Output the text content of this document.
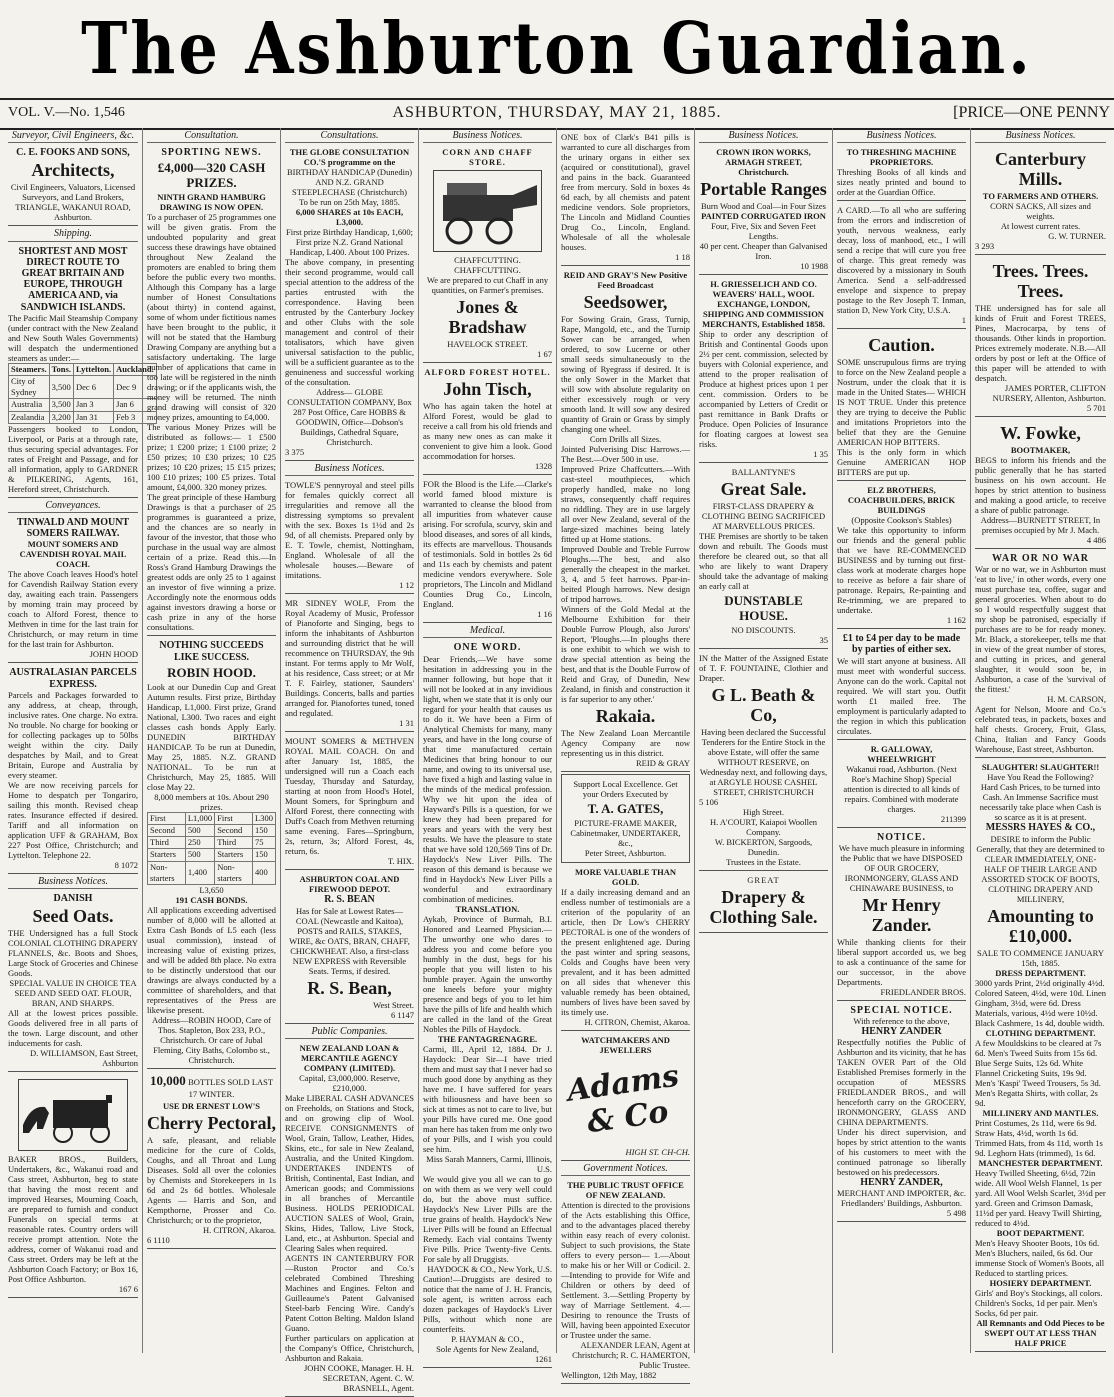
The Ashburton Guardian.
VOL. V.—No. 1,546	ASHBURTON, THURSDAY, MAY 21, 1885.	[PRICE—ONE PENNY
Surveyor, Civil Engineers, &c.
C. E. FOOKS AND SONS,
Architects,
Civil Engineers, Valuators, Licensed Surveyors, and Land Brokers, TRIANGLE, WAKANUI ROAD, Ashburton.
Shipping.
SHORTEST AND MOST DIRECT ROUTE TO GREAT BRITAIN AND EUROPE, THROUGH AMERICA AND, via SANDWICH ISLANDS.
The Pacific Mail Steamship Company (under contract with the New Zealand and New South Wales Governments) will despatch the undermentioned steamers as under:—
Steamers.	Tons.	Lyttelton.	Auckland.
City of Sydney	3,500	Dec 6	Dec 9
Australia	3,500	Jan 3	Jan 6
Zealandia	3,200	Jan 31	Feb 3
Passengers booked to London, Liverpool, or Paris at a through rate, thus securing special advantages. For rates of Freight and Passage, and for all information, apply to GARDNER & PILKERING, Agents, 161, Hereford street, Christchurch.
Conveyances.
TINWALD AND MOUNT SOMERS RAILWAY.
MOUNT SOMERS AND CAVENDISH ROYAL MAIL COACH.
The above Coach leaves Hood's hotel for Cavendish Railway Station every day, awaiting each train. Passengers by morning train may proceed by coach to Alford Forest, thence to Methven in time for the last train for Christchurch, or may return in time for the last train for Ashburton.
JOHN HOOD
AUSTRALASIAN PARCELS EXPRESS.
Parcels and Packages forwarded to any address, at cheap, through, inclusive rates. One charge. No extra. No trouble. No charge for booking or for collecting packages up to 50lbs weight within the city. Daily despatches by Mail, and to Great Britain, Europe and Australia by every steamer.
We are now receiving parcels for Home to despatch per Tongariro, sailing this month. Revised cheap rates. Insurance effected if desired. Tariff and all information on application UFF & GRAHAM, Box 227 Post Office, Christchurch; and Lyttelton. Telephone 22.
8 1072
Business Notices.
DANISH
Seed Oats.
THE Undersigned has a full Stock COLONIAL CLOTHING DRAPERY FLANNELS, &c. Boots and Shoes, Large Stock of Groceries and Chinese Goods.
SPECIAL VALUE IN CHOICE TEA SEED AND SEED OAT. FLOUR, BRAN, AND SHARPS.
All at the lowest prices possible. Goods delivered free in all parts of the town. Large discount, and other inducements for cash.
D. WILLIAMSON, East Street, Ashburton
BAKER BROS., Builders, Undertakers, &c., Wakanui road and Cass street, Ashburton, beg to state that having the most recent and improved Hearses, Mourning Coach, are prepared to furnish and conduct Funerals on special terms at reasonable rates. Country orders will receive prompt attention. Note the address, corner of Wakanui road and Cass street. Orders may be left at the Ashburton Coach Factory; or Box 16, Post Office Ashburton.
167 6
Consultation.
SPORTING NEWS.
£4,000—320 CASH PRIZES.
NINTH GRAND HAMBURG DRAWING IS NOW OPEN.
To a purchaser of 25 programmes one will be given gratis. From the undoubted popularity and great success these drawings have obtained throughout New Zealand the promoters are enabled to bring them before the public every two months. Although this Company has a large number of Honest Consultations (about thirty) in contend against, some of whom under fictitious names have been brought to the public, it will not be stated that the Hamburg Drawing Company are anything but a satisfactory undertaking. The large number of applications that came in too late will be registered in the ninth drawing; or if the applicants wish, the money will be returned. The ninth grand drawing will consist of 320 money prizes, amounting to £4,000.
The various Money Prizes will be distributed as follows:— 1 £500 prize; 1 £200 prize; 1 £100 prize; 2 £50 prizes; 10 £30 prizes; 10 £25 prizes; 10 £20 prizes; 15 £15 prizes; 100 £10 prizes; 100 £5 prizes. Total amount, £4,000. 320 money prizes.
The great principle of these Hamburg Drawings is that a purchaser of 25 programmes is guaranteed a prize, and the chances are so nearly in favour of the investor, that those who purchase in the usual way are almost certain of a prize. Read this.—In Ross's Grand Hamburg Drawings the greatest odds are only 25 to 1 against an investor of five winning a prize. Accordingly note the enormous odds against investors drawing a horse or cash prize in any of the horse consultations.
NOTHING SUCCEEDS LIKE SUCCESS.
ROBIN HOOD.
Look at our Dunedin Cup and Great Autumn results. First prize, Birthday Handicap, L1,000. First prize, Grand National, L300. Two races and eight classes cash bonds Apply Early. DUNEDIN BIRTHDAY HANDICAP. To be run at Dunedin, May 25, 1885. N.Z. GRAND NATIONAL. To be run at Christchurch, May 25, 1885. Will close May 22.
8,000 members at 10s. About 290 prizes.
First	L1,000	First	L300
Second	500	Second	150
Third	250	Third	75
Starters	500	Starters	150
Non-starters	1,400	Non-starters	400
L3,650
191 CASH BONDS.
All applications exceeding advertised number of 8,000 will be allotted at Extra Cash Bonds of L5 each (less usual commission), instead of increasing value of existing prizes, and will be added 8th place. No extra to be distinctly understood that our drawings are always conducted by a committee of shareholders, and that representatives of the Press are likewise present.
Address—ROBIN HOOD, Care of Thos. Stapleton, Box 233, P.O., Christchurch. Or care of Jubal Fleming, City Baths, Colombo st., Christchurch.
10,000 BOTTLES SOLD LAST 17 WINTER.
USE DR ERNEST LOW'S
Cherry Pectoral,
A safe, pleasant, and reliable medicine for the cure of Colds, Coughs, and all Throat and Lung Diseases. Sold all over the colonies by Chemists and Storekeepers in 1s 6d and 2s 6d bottles. Wholesale Agents — Harris and Son, and Kempthorne, Prosser and Co. Christchurch; or to the proprietor,
H. CITRON, Akaroa.
6 1110
Consultations.
THE GLOBE CONSULTATION CO.'S programme on the
BIRTHDAY HANDICAP (Dunedin) AND N.Z. GRAND STEEPLECHASE (Christchurch)
To be run on 25th May, 1885.
6,000 SHARES at 10s EACH, L3,000.
First prize Birthday Handicap, 1,600; First prize N.Z. Grand National Handicap, L400. About 100 Prizes.
The above company, in presenting their second programme, would call special attention to the address of the parties entrusted with the correspondence. Having been entrusted by the Canterbury Jockey and other Clubs with the sole management and control of their totalisators, which have given universal satisfaction to the public, will be a sufficient guarantee as to the genuineness and successful working of the consultation.
Address— GLOBE CONSULTATION COMPANY, Box 287 Post Office, Care HOBBS & GOODWIN, Office—Dobson's Buildings, Cathedral Square, Christchurch.
3 375
Business Notices.
TOWLE'S pennyroyal and steel pills for females quickly correct all irregularities and remove all the distressing symptoms so prevalent with the sex. Boxes 1s 1½d and 2s 9d, of all chemists. Prepared only by E. T. Towle, chemist, Nottingham, England. Wholesale of all the wholesale houses.—Beware of imitations.
1 12
MR SIDNEY WOLF, From the Royal Academy of Music, Professor of Pianoforte and Singing, begs to inform the inhabitants of Ashburton and surrounding district that he will recommence on THURSDAY, the 9th instant. For terms apply to Mr Wolf, at his residence, Cass street; or at Mr T. F. Fairley, stationer, Saunders' Buildings. Concerts, balls and parties arranged for. Pianofortes tuned, toned and regulated.
1 31
MOUNT SOMERS & METHVEN ROYAL MAIL COACH. On and after January 1st, 1885, the undersigned will run a Coach each Tuesday, Thursday and Saturday, starting at noon from Hood's Hotel, Mount Somers, for Springburn and Alford Forest, there connecting with Duff's Coach from Methven returning same evening. Fares—Springburn, 2s, return, 3s; Alford Forest, 4s, return, 6s.
T. HIX.
ASHBURTON COAL AND FIREWOOD DEPOT.
R. S. BEAN
Has for Sale at Lowest Rates— COAL (Newcastle and Kaitoa), POSTS and RAILS, STAKES, WIRE, &c OATS, BRAN, CHAFF, CHICKWHEAT. Also, a first-class NEW EXPRESS with Reversible Seats. Terms, if desired.
R. S. Bean,
West Street.
6 1147
Public Companies.
NEW ZEALAND LOAN & MERCANTILE AGENCY COMPANY (LIMITED).
Capital, £3,000,000. Reserve, £210,000.
Make LIBERAL CASH ADVANCES on Freeholds, on Stations and Stock, and on growing clip of Wool. RECEIVE CONSIGNMENTS of Wool, Grain, Tallow, Leather, Hides, Skins, etc., for sale in New Zealand, Australia, and the United Kingdom. UNDERTAKES INDENTS of British, Continental, East Indian, and American goods; and Commissions in all branches of Mercantile Business. HOLDS PERIODICAL AUCTION SALES of Wool, Grain, Skins, Hides, Tallow, Live Stock, Land, etc., at Ashburton. Special and Clearing Sales when required.
AGENTS IN CANTERBURY FOR—Ruston Proctor and Co.'s celebrated Combined Threshing Machines and Engines. Felton and Guilleaume's Patent Galvanised Steel-barb Fencing Wire. Candy's Patent Cotton Belting. Maldon Island Guano.
Further particulars on application at the Company's Office, Christchurch, Ashburton and Rakaia.
JOHN COOKE, Manager. H. H. SECRETAN, Agent. C. W. BRASNELL, Agent.
Business Notices.
CORN AND CHAFF STORE.
CHAFFCUTTING. CHAFFCUTTING.
We are prepared to cut Chaff in any quantities, on Farmer's premises.
Jones & Bradshaw
HAVELOCK STREET.
1 67
ALFORD FOREST HOTEL.
John Tisch,
Who has again taken the hotel at Alford Forest, would be glad to receive a call from his old friends and as many new ones as can make it convenient to give him a look. Good accommodation for horses.
1328
FOR the Blood is the Life.—Clarke's world famed blood mixture is warranted to cleanse the blood from all impurities from whatever cause arising. For scrofula, scurvy, skin and blood diseases, and sores of all kinds, its effects are marvellous. Thousands of testimonials. Sold in bottles 2s 6d and 11s each by chemists and patent medicine vendors everywhere. Sole proprietors, The Lincoln and Midland Counties Drug Co., Lincoln, England.
1 16
Medical.
ONE WORD.
Dear Friends,—We have some hesitation in addressing you in the manner following, but hope that it will not be looked at in any invidious light, when we state that it is only our regard for your health that causes us to do it. We have been a Firm of Analytical Chemists for many, many years, and have in the long course of that time manufactured certain Medicines that bring honour to our name, and owing to its universal use, have fixed a high and lasting value in the minds of the medical profession. Why we hit upon the idea of Hayward's Pills is a question, for we knew they had been prepared for years and years with the very best results. We have the pleasure to state that we have sold 120,569 Tins of Dr. Haydock's New Liver Pills. The reason of this demand is because we find in Haydock's New Liver Pills a wonderful and extraordinary combination of medicines.
TRANSLATION.
Aykab, Province of Burmah, B.I. Honored and Learned Physician.—The unworthy one who dares to address you and come before you humbly in the dust, begs for his people that you will listen to his humble prayer. Again the unworthy one kneels before your mighty presence and begs of you to let him have the pills of life and health which are called in the land of the Great Nobles the Pills of Haydock.
THE FANTAGRENAGRE.
Carmi, Ill., April 12, 1884. Dr J. Haydock: Dear Sir—I have tried them and must say that I never had so much good done by anything as they have me. I have suffered for years with biliousness and have been so sick at times as not to care to live, but your Pills have cured me. One good man here has taken from me only two of your Pills, and I wish you could see him.
Miss Sarah Manners, Carmi, Illinois, U.S.
We would give you all we can to go on with them as we very well could do, but the above must suffice. Haydock's New Liver Pills are the true grains of health. Haydock's New Liver Pills will be found an Effectual Remedy. Each vial contains Twenty Five Pills. Price Twenty-five Cents. For sale by all Druggists.
HAYDOCK & CO., New York, U.S.
Caution!—Druggists are desired to notice that the name of J. H. Francis, sole agent, is written across each dozen packages of Haydock's Liver Pills, without which none are counterfeits.
P. HAYMAN & CO.,
Sole Agents for New Zealand,
1261
ONE box of Clark's B41 pills is warranted to cure all discharges from the urinary organs in either sex (acquired or constitutional), gravel and pains in the back. Guaranteed free from mercury. Sold in boxes 4s 6d each, by all chemists and patent medicine vendors. Sole proprietors, The Lincoln and Midland Counties Drug Co., Lincoln, England. Wholesale of all the wholesale houses.
1 18
REID AND GRAY'S New Positive Feed Broadcast
Seedsower,
For Sowing Grain, Grass, Turnip, Rape, Mangold, etc., and the Turnip Sower can be arranged, when ordered, to sow Lucerne or other small seeds simultaneously to the sowing of Ryegrass if desired. It is the only Sower in the Market that will sow with absolute regularity on either excessively rough or very smooth land. It will sow any desired quantity of Grain or Grass by simply changing one wheel.
Corn Drills all Sizes.
Jointed Pulverising Disc Harrows.—The Best.—Over 500 in use.
Improved Prize Chaffcutters.—With cast-steel mouthpieces, which properly handled, make no long straws, consequently chaff requires no riddling. They are in use largely all over New Zealand, several of the large-sized machines being lately fitted up at Home stations.
Improved Double and Treble Furrow Ploughs.—The best, and also generally the cheapest in the market. 3, 4, and 5 feet harrows. Ppar-in-beited Plough harrows. New design of tripod harrows.
Winners of the Gold Medal at the Melbourne Exhibition for their Double Furrow Plough, also Jurors' Report, 'Ploughs.—In ploughs there is one exhibit to which we wish to draw special attention as being the best, and that is the Double Furrow of Reid and Gray, of Dunedin, New Zealand, in finish and construction it is far superior to any other.'
Rakaia.
The New Zealand Loan Mercantile Agency Company are now representing us in this district.
REID & GRAY
Support Local Excellence. Get your Orders Executed by
T. A. GATES,
PICTURE-FRAME MAKER, Cabinetmaker, UNDERTAKER, &c.,
Peter Street, Ashburton.
MORE VALUABLE THAN GOLD.
If a daily increasing demand and an endless number of testimonials are a criterion of the popularity of an article, then Dr Low's CHERRY PECTORAL is one of the wonders of the present enlightened age. During the past winter and spring seasons, Colds and Coughs have been very prevalent, and it has been admitted on all sides that whenever this valuable remedy has been obtained, numbers of lives have been saved by its timely use.
H. CITRON, Chemist, Akaroa.
WATCHMAKERS AND JEWELLERS
Adams & Co
HIGH ST. CH-CH.
Government Notices.
THE PUBLIC TRUST OFFICE OF NEW ZEALAND.
Attention is directed to the provisions of the Acts establishing this Office, and to the advantages placed thereby within easy reach of every colonist. Subject to such provisions, the State offers to every person— 1.—About to make his or her Will or Codicil. 2.—Intending to provide for Wife and Children or others by deed of Settlement. 3.—Settling Property by way of Marriage Settlement. 4.—Desiring to renounce the Trusts of Will, having been appointed Executor or Trustee under the same.
ALEXANDER LEAN, Agent at Christchurch; R. C. HAMERTON, Public Trustee.
Wellington, 12th May, 1882
Business Notices.
CROWN IRON WORKS, ARMAGH STREET, Christchurch.
Portable Ranges
Burn Wood and Coal—in Four Sizes
PAINTED CORRUGATED IRON
Four, Five, Six and Seven Feet Lengths.
40 per cent. Cheaper than Galvanised Iron.
10 1988
H. GRIESSELICH AND CO. WEAVERS' HALL, WOOL EXCHANGE, LONDON, SHIPPING AND COMMISSION MERCHANTS, Established 1858.
Ship to order any description of British and Continental Goods upon 2½ per cent. commission, selected by buyers with Colonial experience, and attend to the proper realisation of Produce at highest prices upon 1 per cent. commission. Orders to be accompanied by Letters of Credit or past remittance in Bank Drafts or Produce. Open Policies of Insurance for floating cargoes at lowest sea risks.
1 35
BALLANTYNE'S
Great Sale.
FIRST-CLASS DRAPERY & CLOTHING BEING SACRIFICED AT MARVELLOUS PRICES.
THE Premises are shortly to be taken down and rebuilt. The Goods must therefore be cleared out, so that all who are likely to want Drapery should take the advantage of making an early call at
DUNSTABLE HOUSE.
NO DISCOUNTS.
35
IN the Matter of the Assigned Estate of T. F. FOUNTAINE, Clothier and Draper.
G L. Beath & Co,
Having been declared the Successful Tenderers for the Entire Stock in the above Estate, will offer the same WITHOUT RESERVE, on Wednesday next, and following days, at ARGYLE HOUSE CASHEL STREET, CHRISTCHURCH
5 106
High Street.
H. A'COURT, Kaiapoi Woollen Company.
W. BICKERTON, Sargoods, Dunedin.
Trustees in the Estate.
GREAT
Drapery & Clothing Sale.
Business Notices.
TO THRESHING MACHINE PROPRIETORS.
Threshing Books of all kinds and sizes neatly printed and bound to order at the Guardian Office.
A CARD.—To all who are suffering from the errors and indiscretion of youth, nervous weakness, early decay, loss of manhood, etc., I will send a recipe that will cure you free of charge. This great remedy was discovered by a missionary in South America. Send a self-addressed envelope and sixpence to prepay postage to the Rev Joseph T. Inman, station D, New York City, U.S.A.
1
Caution.
SOME unscrupulous firms are trying to force on the New Zealand people a Nostrum, under the cloak that it is made in the United States— WHICH IS NOT TRUE. Under this pretence they are trying to deceive the Public and imitations Proprietors into the belief that they are the Genuine AMERICAN HOP BITTERS.
This is the only form in which Genuine AMERICAN HOP BITTERS are put up.
ELZ BROTHERS, COACHBUILDERS, BRICK BUILDINGS
(Opposite Cookson's Stables)
We take this opportunity to inform our friends and the general public that we have RE-COMMENCED BUSINESS and by turning out first-class work at moderate charges hope to receive as before a fair share of patronage. Repairs, Re-painting and Re-trimming, we are prepared to undertake.
1 162
£1 to £4 per day to be made by parties of either sex.
We will start anyone at business. All must meet with wonderful success. Anyone can do the work. Capital not required. We will start you. Outfit worth £1 mailed free. The employment is particularly adapted to the region in which this publication circulates.
R. GALLOWAY, WHEELWRIGHT
Wakanui road, Ashburton. (Next Roe's Machine Shop) Special attention is directed to all kinds of repairs. Combined with moderate charges.
211399
NOTICE.
We have much pleasure in informing the Public that we have DISPOSED OF OUR GROCERY, IRONMONGERY, GLASS AND CHINAWARE BUSINESS, to
Mr Henry Zander.
While thanking clients for their liberal support accorded us, we beg to ask a continuance of the same for our successor, in the above Departments.
FRIEDLANDER BROS.
SPECIAL NOTICE.
With reference to the above,
HENRY ZANDER
Respectfully notifies the Public of Ashburton and its vicinity, that he has TAKEN OVER Part of the Old Established Premises formerly in the occupation of MESSRS FRIEDLANDER BROS., and will henceforth carry on the GROCERY, IRONMONGERY, GLASS AND CHINA DEPARTMENTS.
Under his direct supervision, and hopes by strict attention to the wants of his customers to meet with the continued patronage so liberally bestowed on his predecessors.
HENRY ZANDER,
MERCHANT AND IMPORTER, &c.
Friedlanders' Buildings, Ashburton.
5 498
Business Notices.
Canterbury Mills.
TO FARMERS AND OTHERS.
CORN SACKS, All sizes and weights.
At lowest current rates.
G. W. TURNER.
3 293
Trees. Trees. Trees.
THE undersigned has for sale all kinds of Fruit and Forest TREES, Pines, Macrocarpa, by tens of thousands. Other kinds in proportion. Prices extremely moderate. N.B.—All orders by post or left at the Office of this paper will be attended to with despatch.
JAMES PORTER, CLIFTON NURSERY, Allenton, Ashburton.
5 701
W. Fowke,
BOOTMAKER,
BEGS to inform his friends and the public generally that he has started business on his own account. He hopes by strict attention to business and making a good article, to receive a share of public patronage.
Address—BURNETT STREET, In premises occupied by Mr J. Mach.
4 486
WAR OR NO WAR
War or no war, we in Ashburton must 'eat to live,' in other words, every one must purchase tea, coffee, sugar and general groceries. When about to do so I would respectfully suggest that my shop be patronised, especially if purchases are to be for ready money. Mr. Black, a storekeeper, tells me that in view of the great number of stores, and cutting in prices, and general slaughter, it would soon be, in Ashburton, a case of the 'survival of the fittest.'
H. M. CARSON,
Agent for Nelson, Moore and Co.'s celebrated teas, in packets, boxes and half chests. Grocery, Fruit, Glass, China, Italian and Fancy Goods Warehouse, East street, Ashburton.
SLAUGHTER! SLAUGHTER!!
Have You Read the Following?
Hard Cash Prices, to be turned into Cash. An Immense Sacrifice must necessarily take place when Cash is so scarce as it is at present.
MESSRS HAYES & CO.,
DESIRE to inform the Public Generally, that they are determined to CLEAR IMMEDIATELY, ONE-HALF OF THEIR LARGE AND ASSORTED STOCK OF BOOTS, CLOTHING DRAPERY AND MILLINERY,
Amounting to £10,000.
SALE TO COMMENCE JANUARY 15th, 1885.
DRESS DEPARTMENT.
3000 yards Print, 2½d originally 4½d. Colored Sateen, 4½d, were 10d. Linen Gingham, 3½d, were 6d. Dress Materials, various, 4½d were 10½d. Black Cashmere, 1s 4d, double width.
CLOTHING DEPARTMENT.
A few Mouldskins to be cleared at 7s 6d. Men's Tweed Suits from 15s 6d. Blue Serge Suits, 12s 6d. White Flannel Cricketing Suits, 19s 9d. Men's 'Kaspi' Tweed Trousers, 5s 3d. Men's Regatta Shirts, with collar, 2s 9d.
MILLINERY AND MANTLES.
Print Costumes, 2s 11d, were 6s 9d. Straw Hats, 4½d, worth 1s 6d. Trimmed Hats, from 4s 11d, worth 1s 9d. Leghorn Hats (trimmed), 1s 6d.
MANCHESTER DEPARTMENT.
Heavy Twilled Sheeting, 6½d, 72in wide. All Wool Welsh Flannel, 1s per yard. All Wool Welsh Scarlet, 3½d per yard. Green and Crimson Damask, 11½d per yard. Heavy Twill Shirting, reduced to 4½d.
BOOT DEPARTMENT.
Men's Heavy Shooter Boots, 10s 6d. Men's Bluchers, nailed, 6s 6d. Our immense Stock of Women's Boots, all Reduced to startling prices.
HOSIERY DEPARTMENT.
Girls' and Boy's Stockings, all colors. Children's Socks, 1d per pair. Men's Socks, 6d per pair.
All Remnants and Odd Pieces to be SWEPT OUT AT LESS THAN HALF PRICE
